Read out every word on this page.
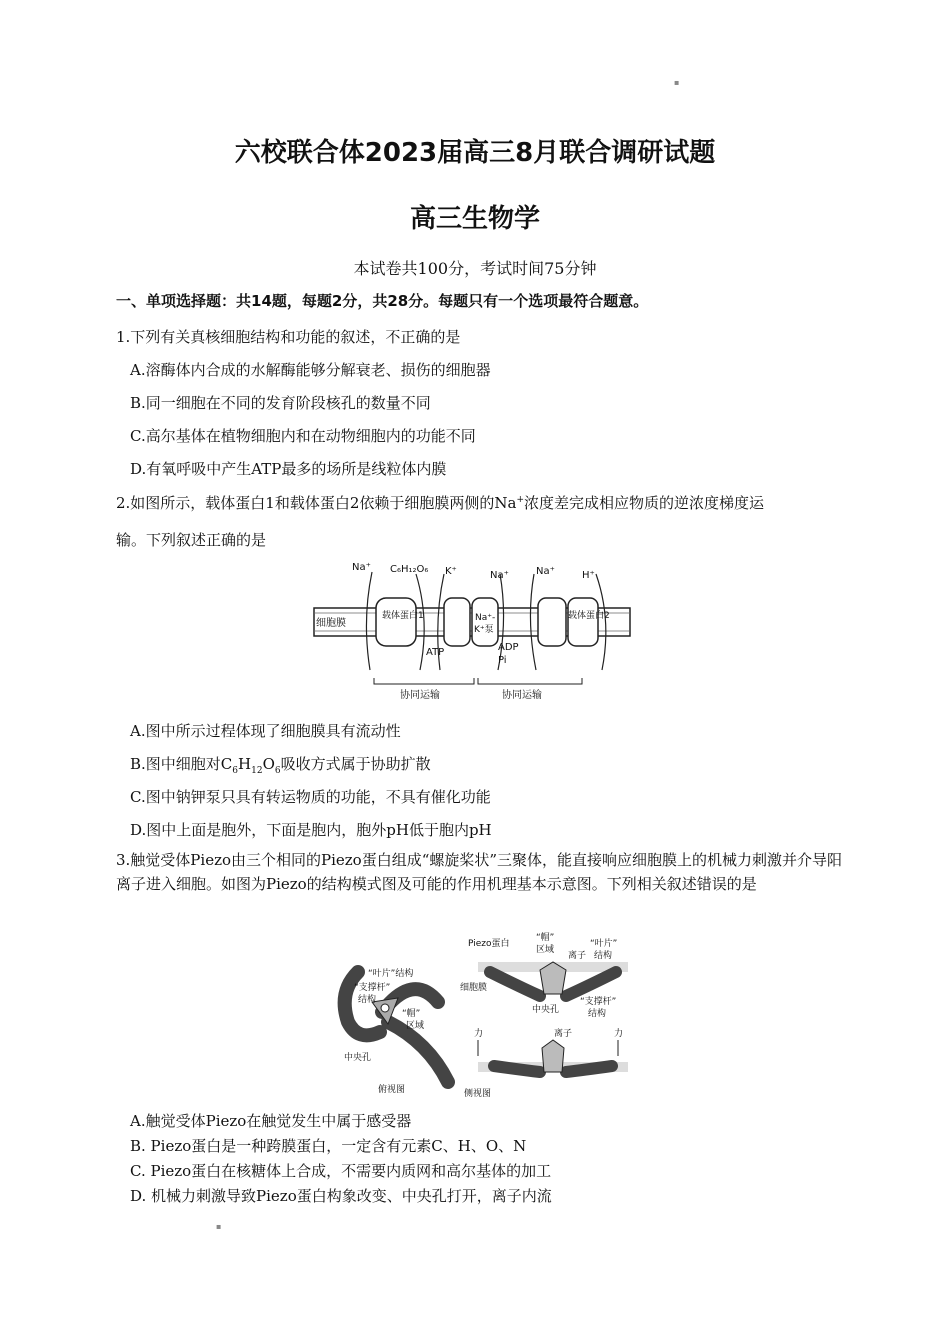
▪
六校联合体2023届高三8月联合调研试题
高三生物学
本试卷共100分，考试时间75分钟
一、单项选择题：共14题，每题2分，共28分。每题只有一个选项最符合题意。
1.下列有关真核细胞结构和功能的叙述，不正确的是
A.溶酶体内合成的水解酶能够分解衰老、损伤的细胞器
B.同一细胞在不同的发育阶段核孔的数量不同
C.高尔基体在植物细胞内和在动物细胞内的功能不同
D.有氧呼吸中产生ATP最多的场所是线粒体内膜
2.如图所示，载体蛋白1和载体蛋白2依赖于细胞膜两侧的Na+浓度差完成相应物质的逆浓度梯度运
输。下列叙述正确的是
细胞膜
载体蛋白1	Na⁺-
K⁺泵
载体蛋白2
Na⁺ C₆H₁₂O₆ K⁺	Na⁺	Na⁺	H⁺
ATP	ADP
Pi
协同运输	协同运输
A.图中所示过程体现了细胞膜具有流动性
B.图中细胞对$C_6H_{12}O_6$吸收方式属于协助扩散
C.图中钠钾泵只具有转运物质的功能，不具有催化功能
D.图中上面是胞外，下面是胞内，胞外pH低于胞内pH
3.触觉受体Piezo由三个相同的Piezo蛋白组成“螺旋桨状”三聚体，能直接响应细胞膜上的机械力刺激并介导阳离子进入细胞。如图为Piezo的结构模式图及可能的作用机理基本示意图。下列相关叙述错误的是
“叶片”结构
“支撑杆”
结构
“帽”
区域
中央孔
俯视图
Piezo蛋白
“帽”
区域
“叶片”
离子 结构
细胞膜
“支撑杆”
结构
中央孔
力	力
离子
侧视图
A.触觉受体Piezo在触觉发生中属于感受器
B. Piezo蛋白是一种跨膜蛋白，一定含有元素C、H、O、N
C. Piezo蛋白在核糖体上合成，不需要内质网和高尔基体的加工
D. 机械力刺激导致Piezo蛋白构象改变、中央孔打开，离子内流
▪
